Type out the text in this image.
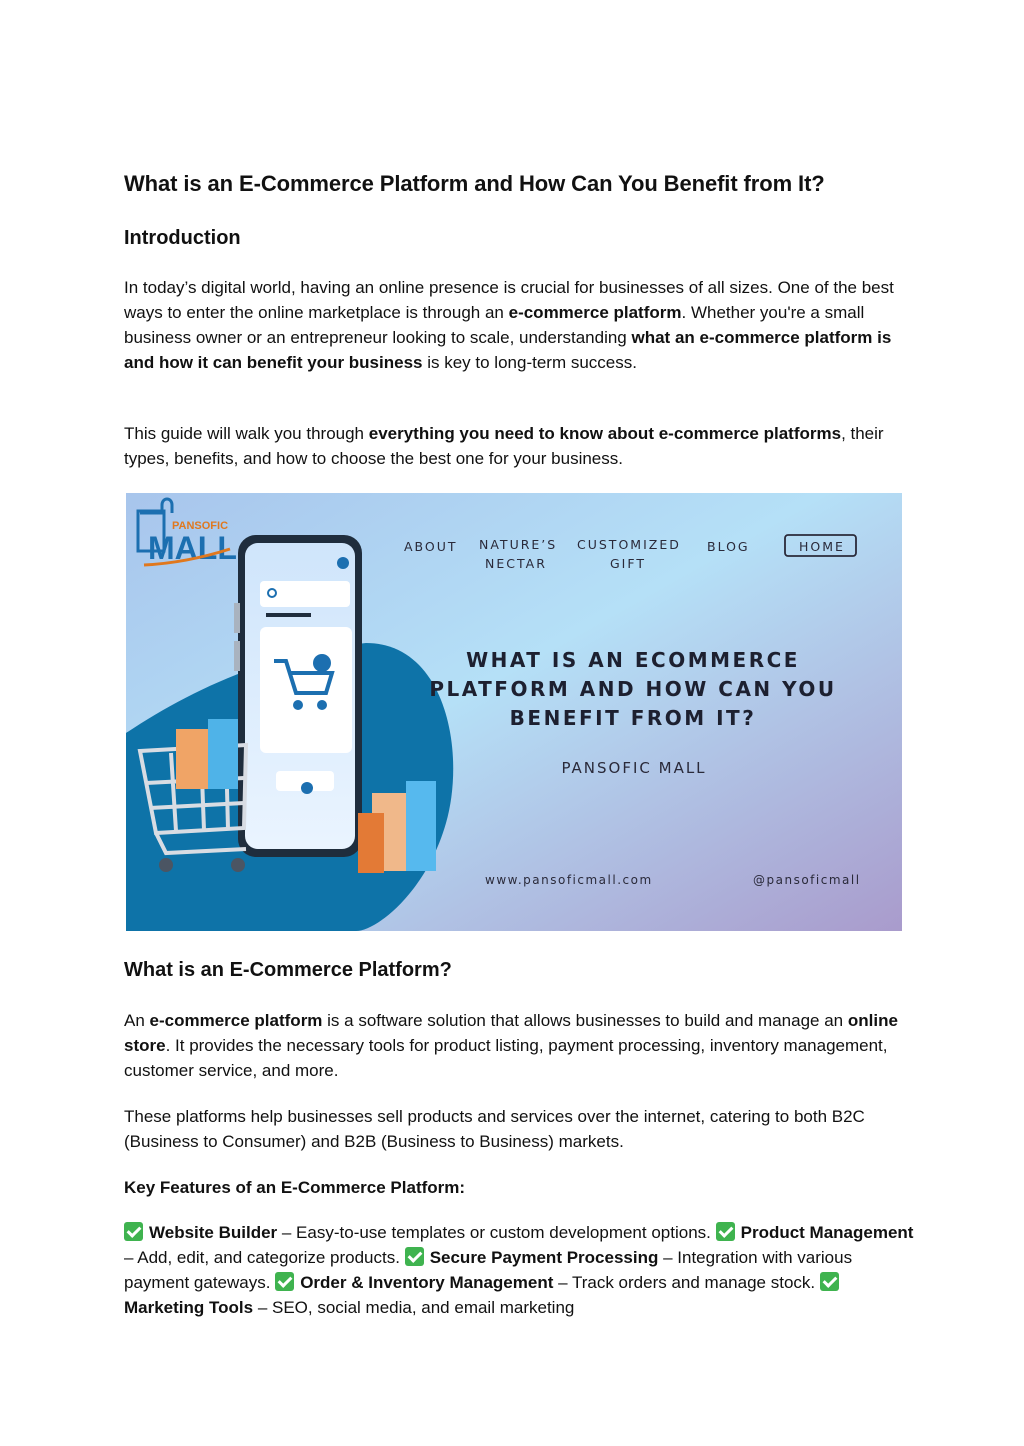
What is an E-Commerce Platform and How Can You Benefit from It?
Introduction

In today’s digital world, having an online presence is crucial for businesses of all sizes. One of the best ways to enter the online marketplace is through an e-commerce platform. Whether you're a small business owner or an entrepreneur looking to scale, understanding what an e-commerce platform is and how it can benefit your business is key to long-term success.

This guide will walk you through everything you need to know about e-commerce platforms, their types, benefits, and how to choose the best one for your business.

PANSOFIC
MALL	ABOUT NATURE’S
NECTAR
CUSTOMIZED
GIFT
BLOG	HOME
WHAT IS AN ECOMMERCE
PLATFORM AND HOW CAN YOU
BENEFIT FROM IT?
PANSOFIC MALL
www.pansoficmall.com	@pansoficmall
What is an E-Commerce Platform?

An e-commerce platform is a software solution that allows businesses to build and manage an online store. It provides the necessary tools for product listing, payment processing, inventory management, customer service, and more.

These platforms help businesses sell products and services over the internet, catering to both B2C (Business to Consumer) and B2B (Business to Business) markets.

Key Features of an E-Commerce Platform:

Website Builder – Easy-to-use templates or custom development options. Product Management – Add, edit, and categorize products. Secure Payment Processing – Integration with various payment gateways. Order & Inventory Management – Track orders and manage stock. Marketing Tools – SEO, social media, and email marketing
